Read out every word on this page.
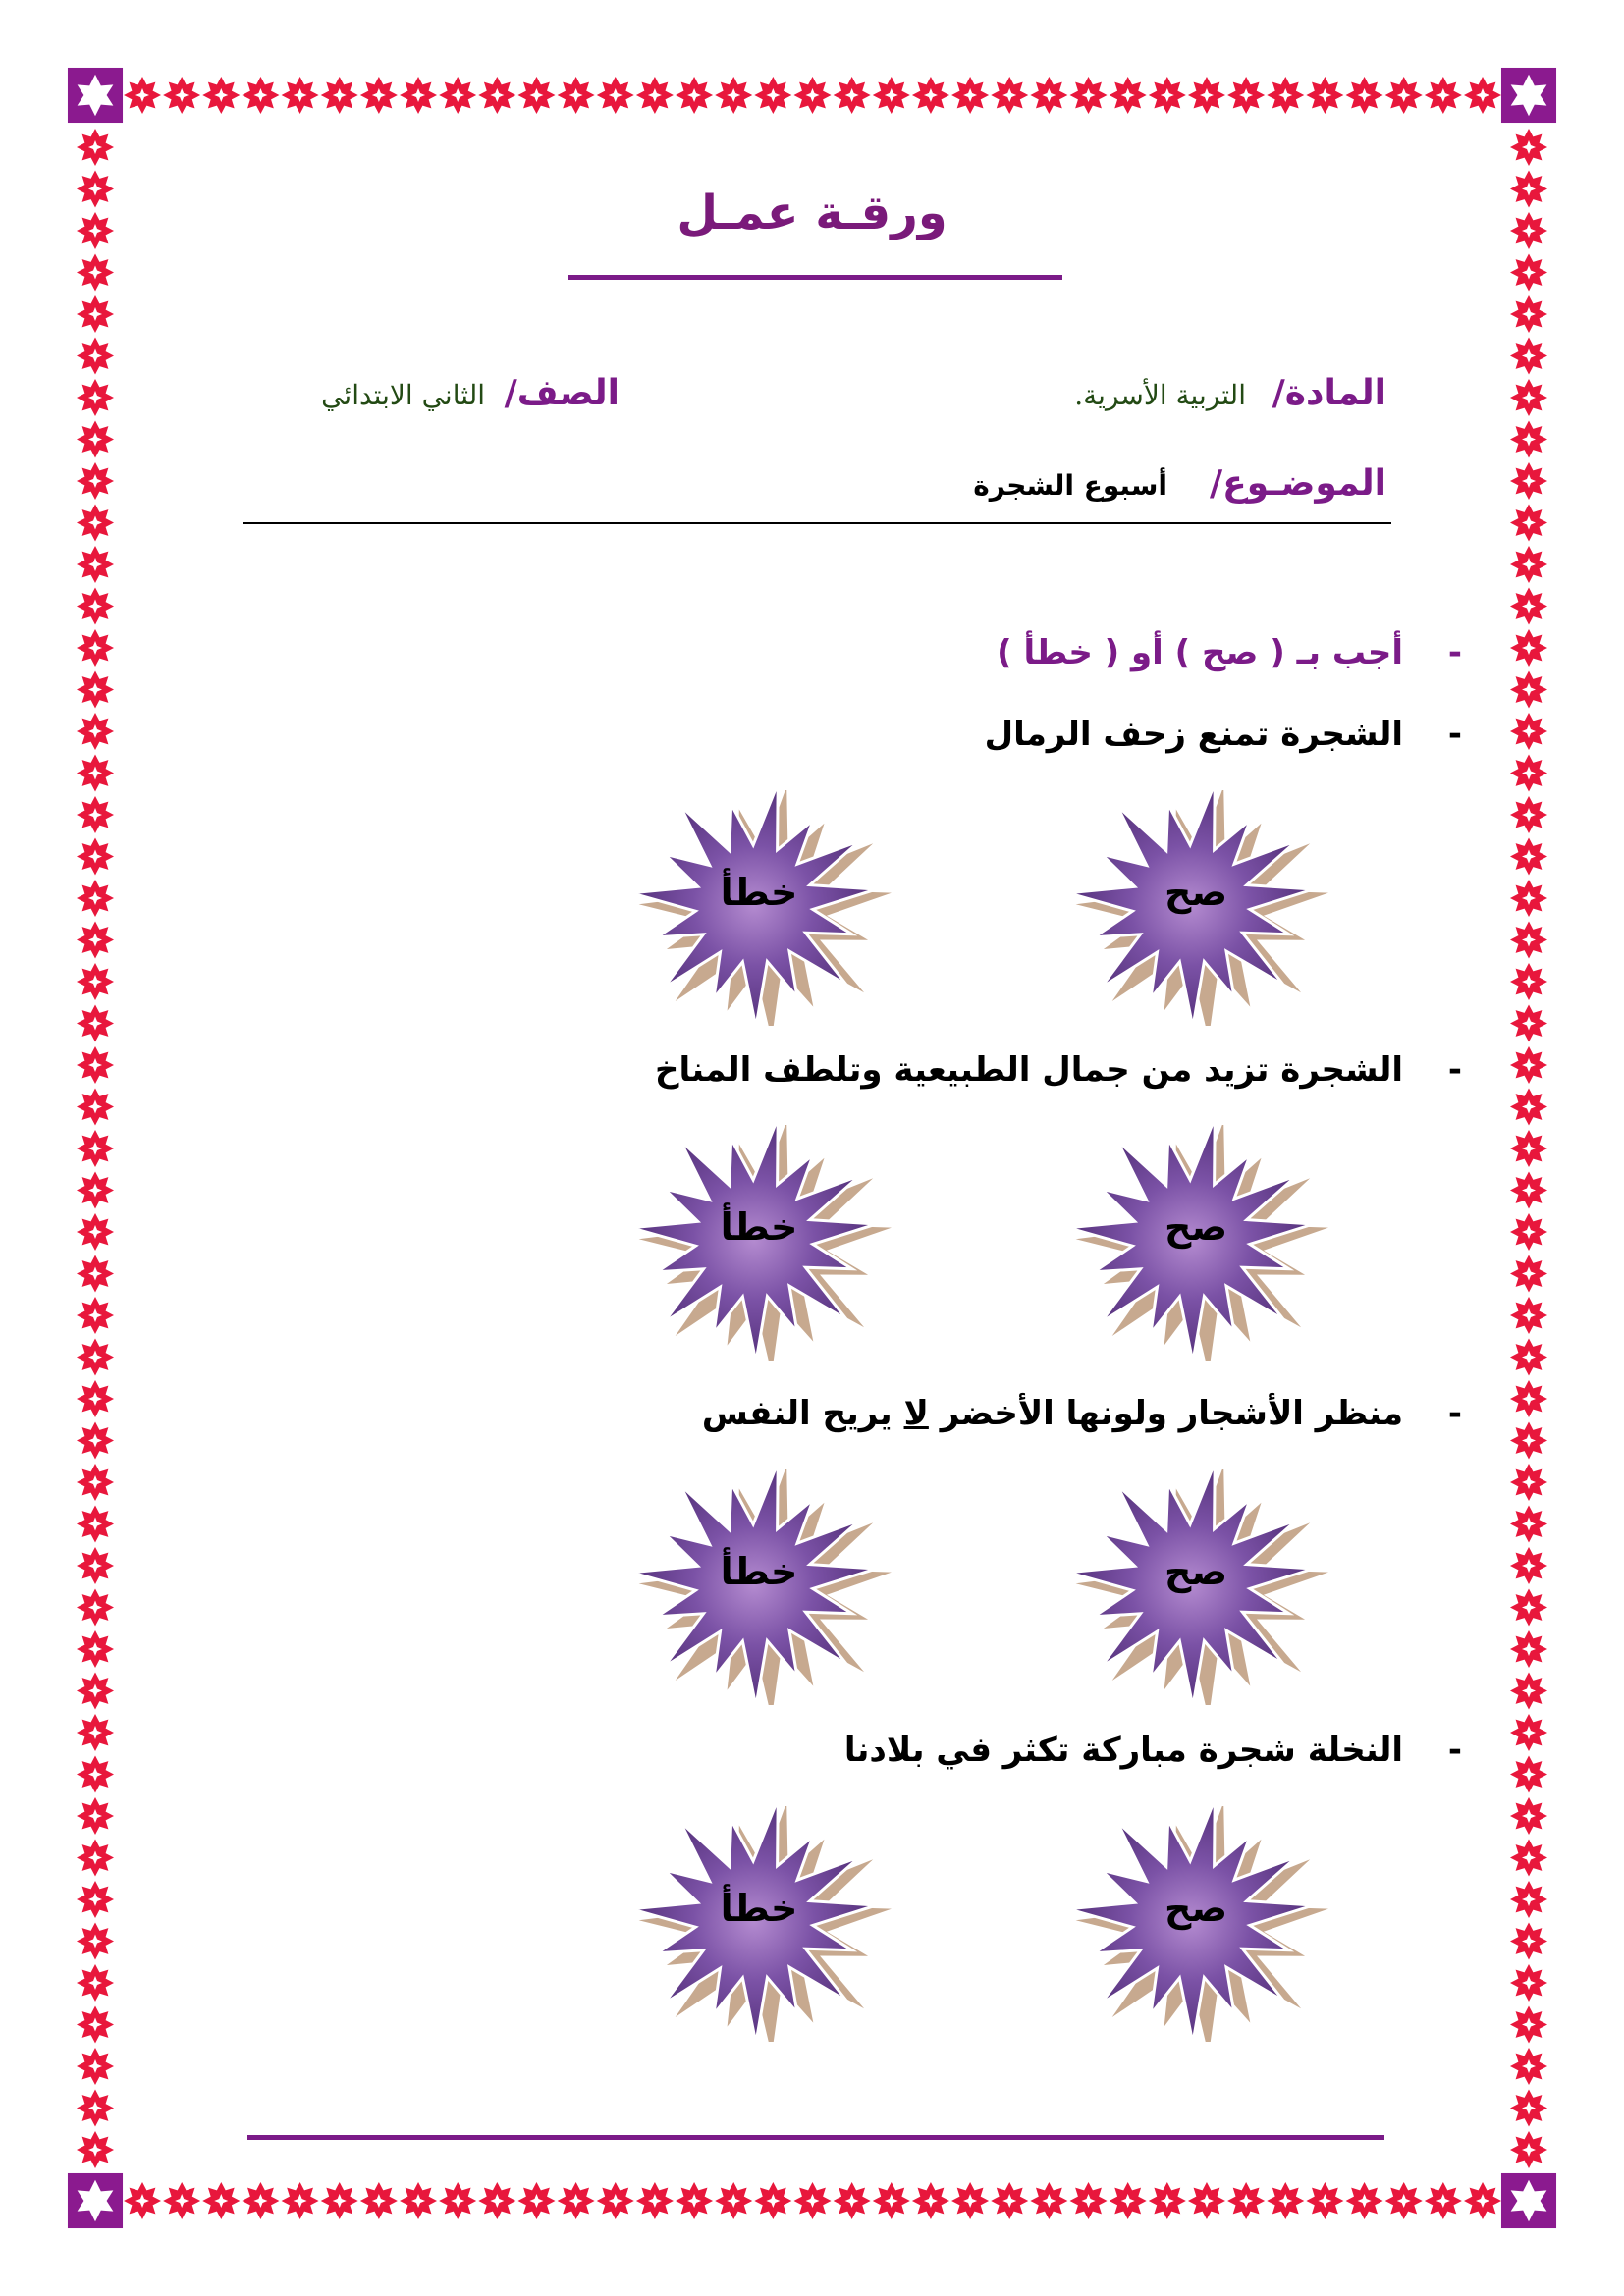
ورقـة عمـل
المادة/
التربية الأسرية.
الصف/
الثاني الابتدائي
الموضـوع/
أسبوع الشجرة
-
أجب بـ ( صح ) أو ( خطأ )
-
الشجرة تمنع زحف الرمال
صح
خطأ
-
الشجرة تزيد من جمال الطبيعية وتلطف المناخ
صح
خطأ
-
منظر الأشجار ولونها الأخضر لا يريح النفس
صح
خطأ
-
النخلة شجرة مباركة تكثر في بلادنا
صح
خطأ
